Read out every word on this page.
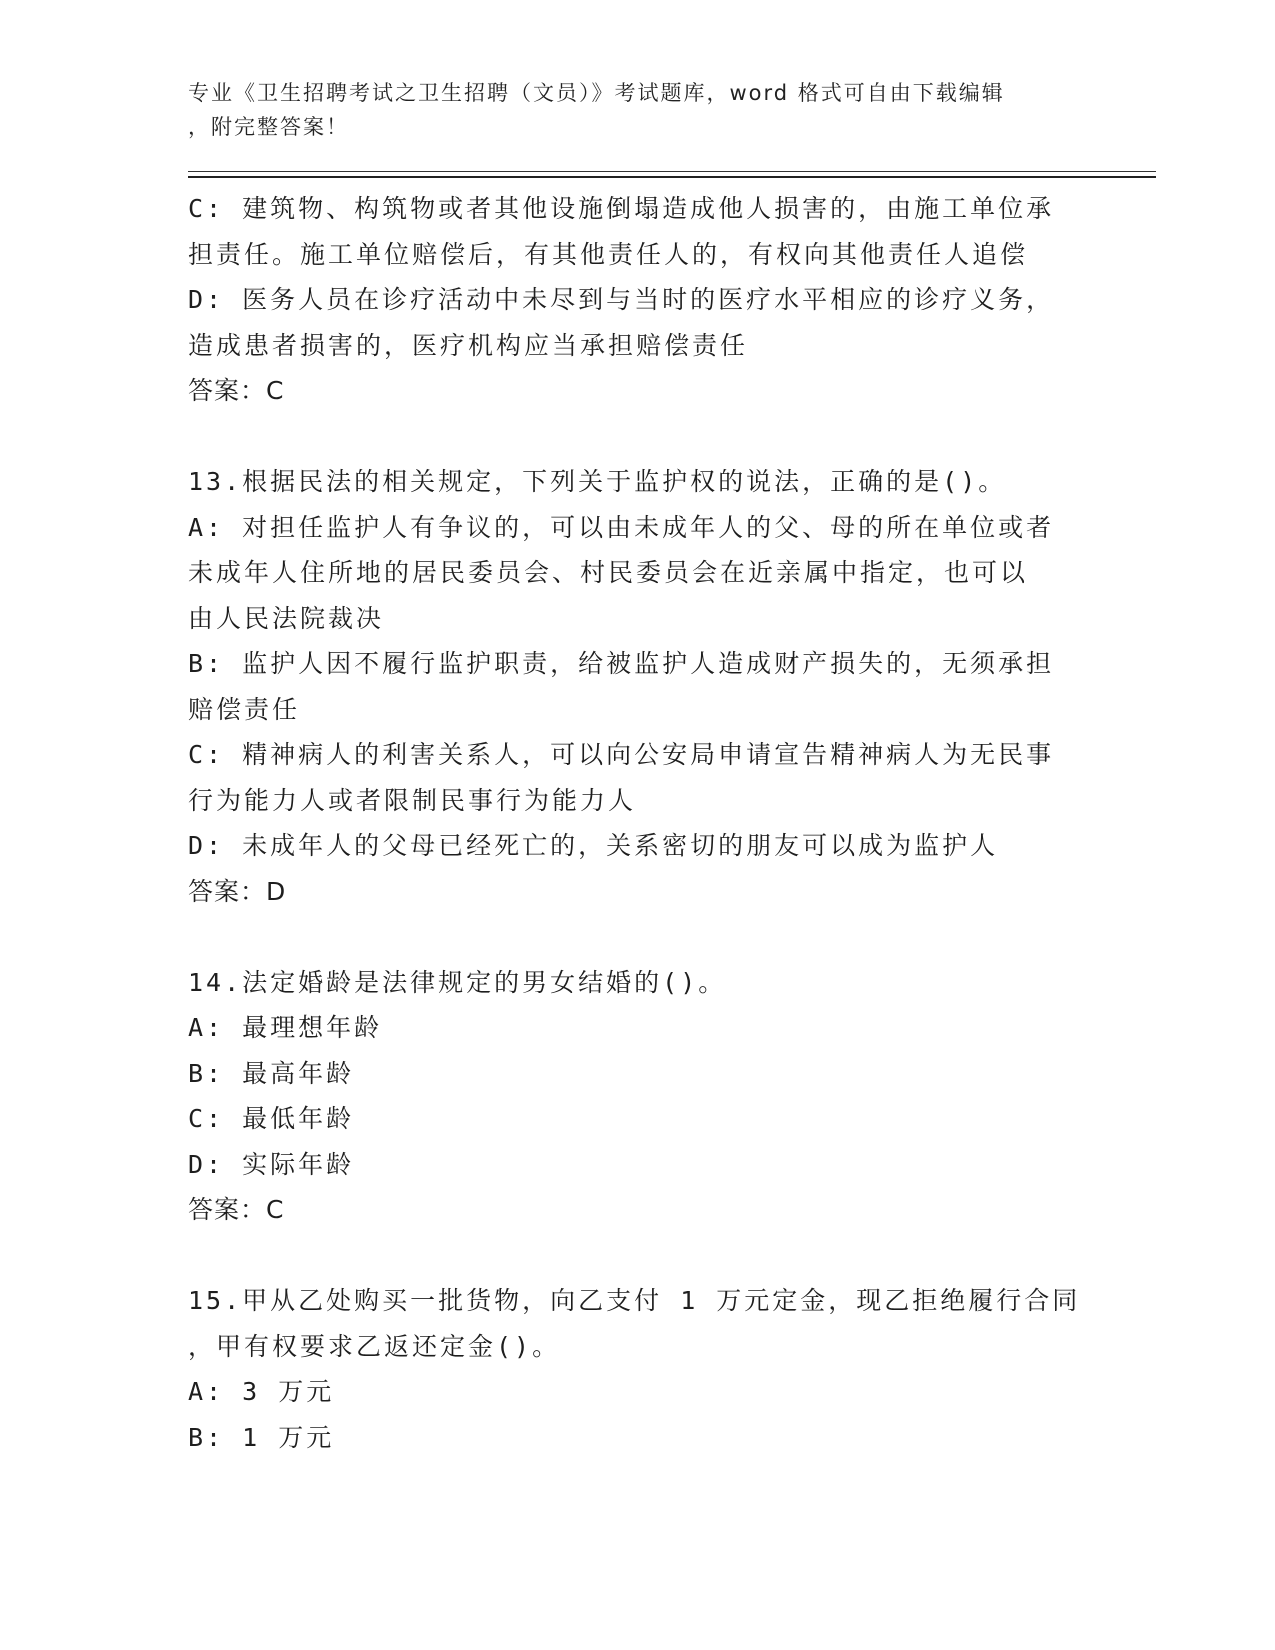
专业《卫生招聘考试之卫生招聘（文员）》考试题库，word 格式可自由下载编辑
，附完整答案！
C: 建筑物、构筑物或者其他设施倒塌造成他人损害的，由施工单位承
担责任。施工单位赔偿后，有其他责任人的，有权向其他责任人追偿
D: 医务人员在诊疗活动中未尽到与当时的医疗水平相应的诊疗义务，
造成患者损害的，医疗机构应当承担赔偿责任
答案：C
13.根据民法的相关规定，下列关于监护权的说法，正确的是()。
A: 对担任监护人有争议的，可以由未成年人的父、母的所在单位或者
未成年人住所地的居民委员会、村民委员会在近亲属中指定，也可以
由人民法院裁决
B: 监护人因不履行监护职责，给被监护人造成财产损失的，无须承担
赔偿责任
C: 精神病人的利害关系人，可以向公安局申请宣告精神病人为无民事
行为能力人或者限制民事行为能力人
D: 未成年人的父母已经死亡的，关系密切的朋友可以成为监护人
答案：D
14.法定婚龄是法律规定的男女结婚的()。
A: 最理想年龄
B: 最高年龄
C: 最低年龄
D: 实际年龄
答案：C
15.甲从乙处购买一批货物，向乙支付 1 万元定金，现乙拒绝履行合同
，甲有权要求乙返还定金()。
A: 3 万元
B: 1 万元
